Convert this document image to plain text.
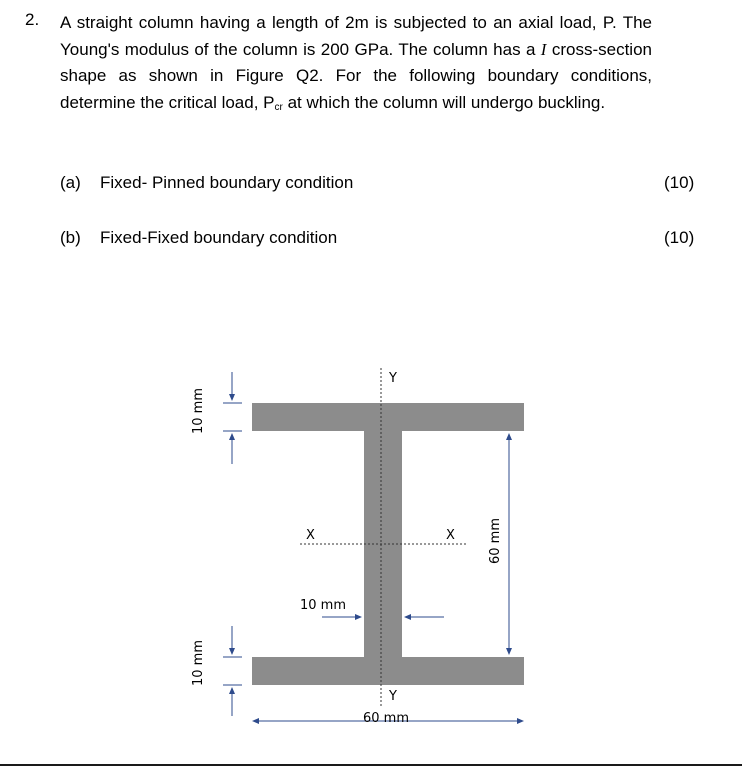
2. A straight column having a length of 2m is subjected to an axial load, P. The Young's modulus of the column is 200 GPa. The column has a I cross-section shape as shown in Figure Q2. For the following boundary conditions, determine the critical load, $P_{cr}$ at which the column will undergo buckling.
(a) Fixed- Pinned boundary condition	(10)
(b) Fixed-Fixed boundary condition	(10)
Y
Y
X	X
10 mm
10 mm
10 mm
60 mm
60 mm
